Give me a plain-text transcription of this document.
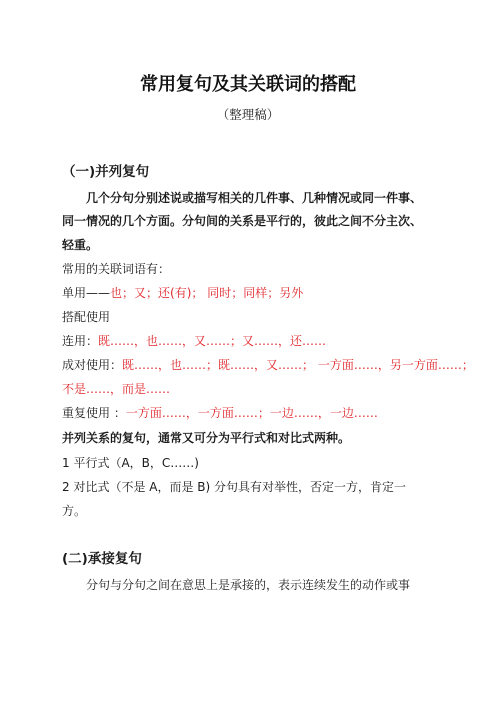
常用复句及其关联词的搭配
（整理稿）
（一)并列复句
几个分句分别述说或描写相关的几件事、几种情况或同一件事、
同一情况的几个方面。分句间的关系是平行的，彼此之间不分主次、
轻重。
常用的关联词语有：
单用——也；又；还(有)； 同时；同样；另外
搭配使用
连用：既……，也……，又……；又……，还……
成对使用：既……，也……；既……，又……； 一方面……，另一方面……；
不是……，而是……
重复使用 ：一方面……，一方面……；一边……，一边……
并列关系的复句，通常又可分为平行式和对比式两种。
1 平行式（A，B，C……)
2 对比式（不是 A，而是 B) 分句具有对举性，否定一方，肯定一
方。
(二)承接复句
分句与分句之间在意思上是承接的，表示连续发生的动作或事
